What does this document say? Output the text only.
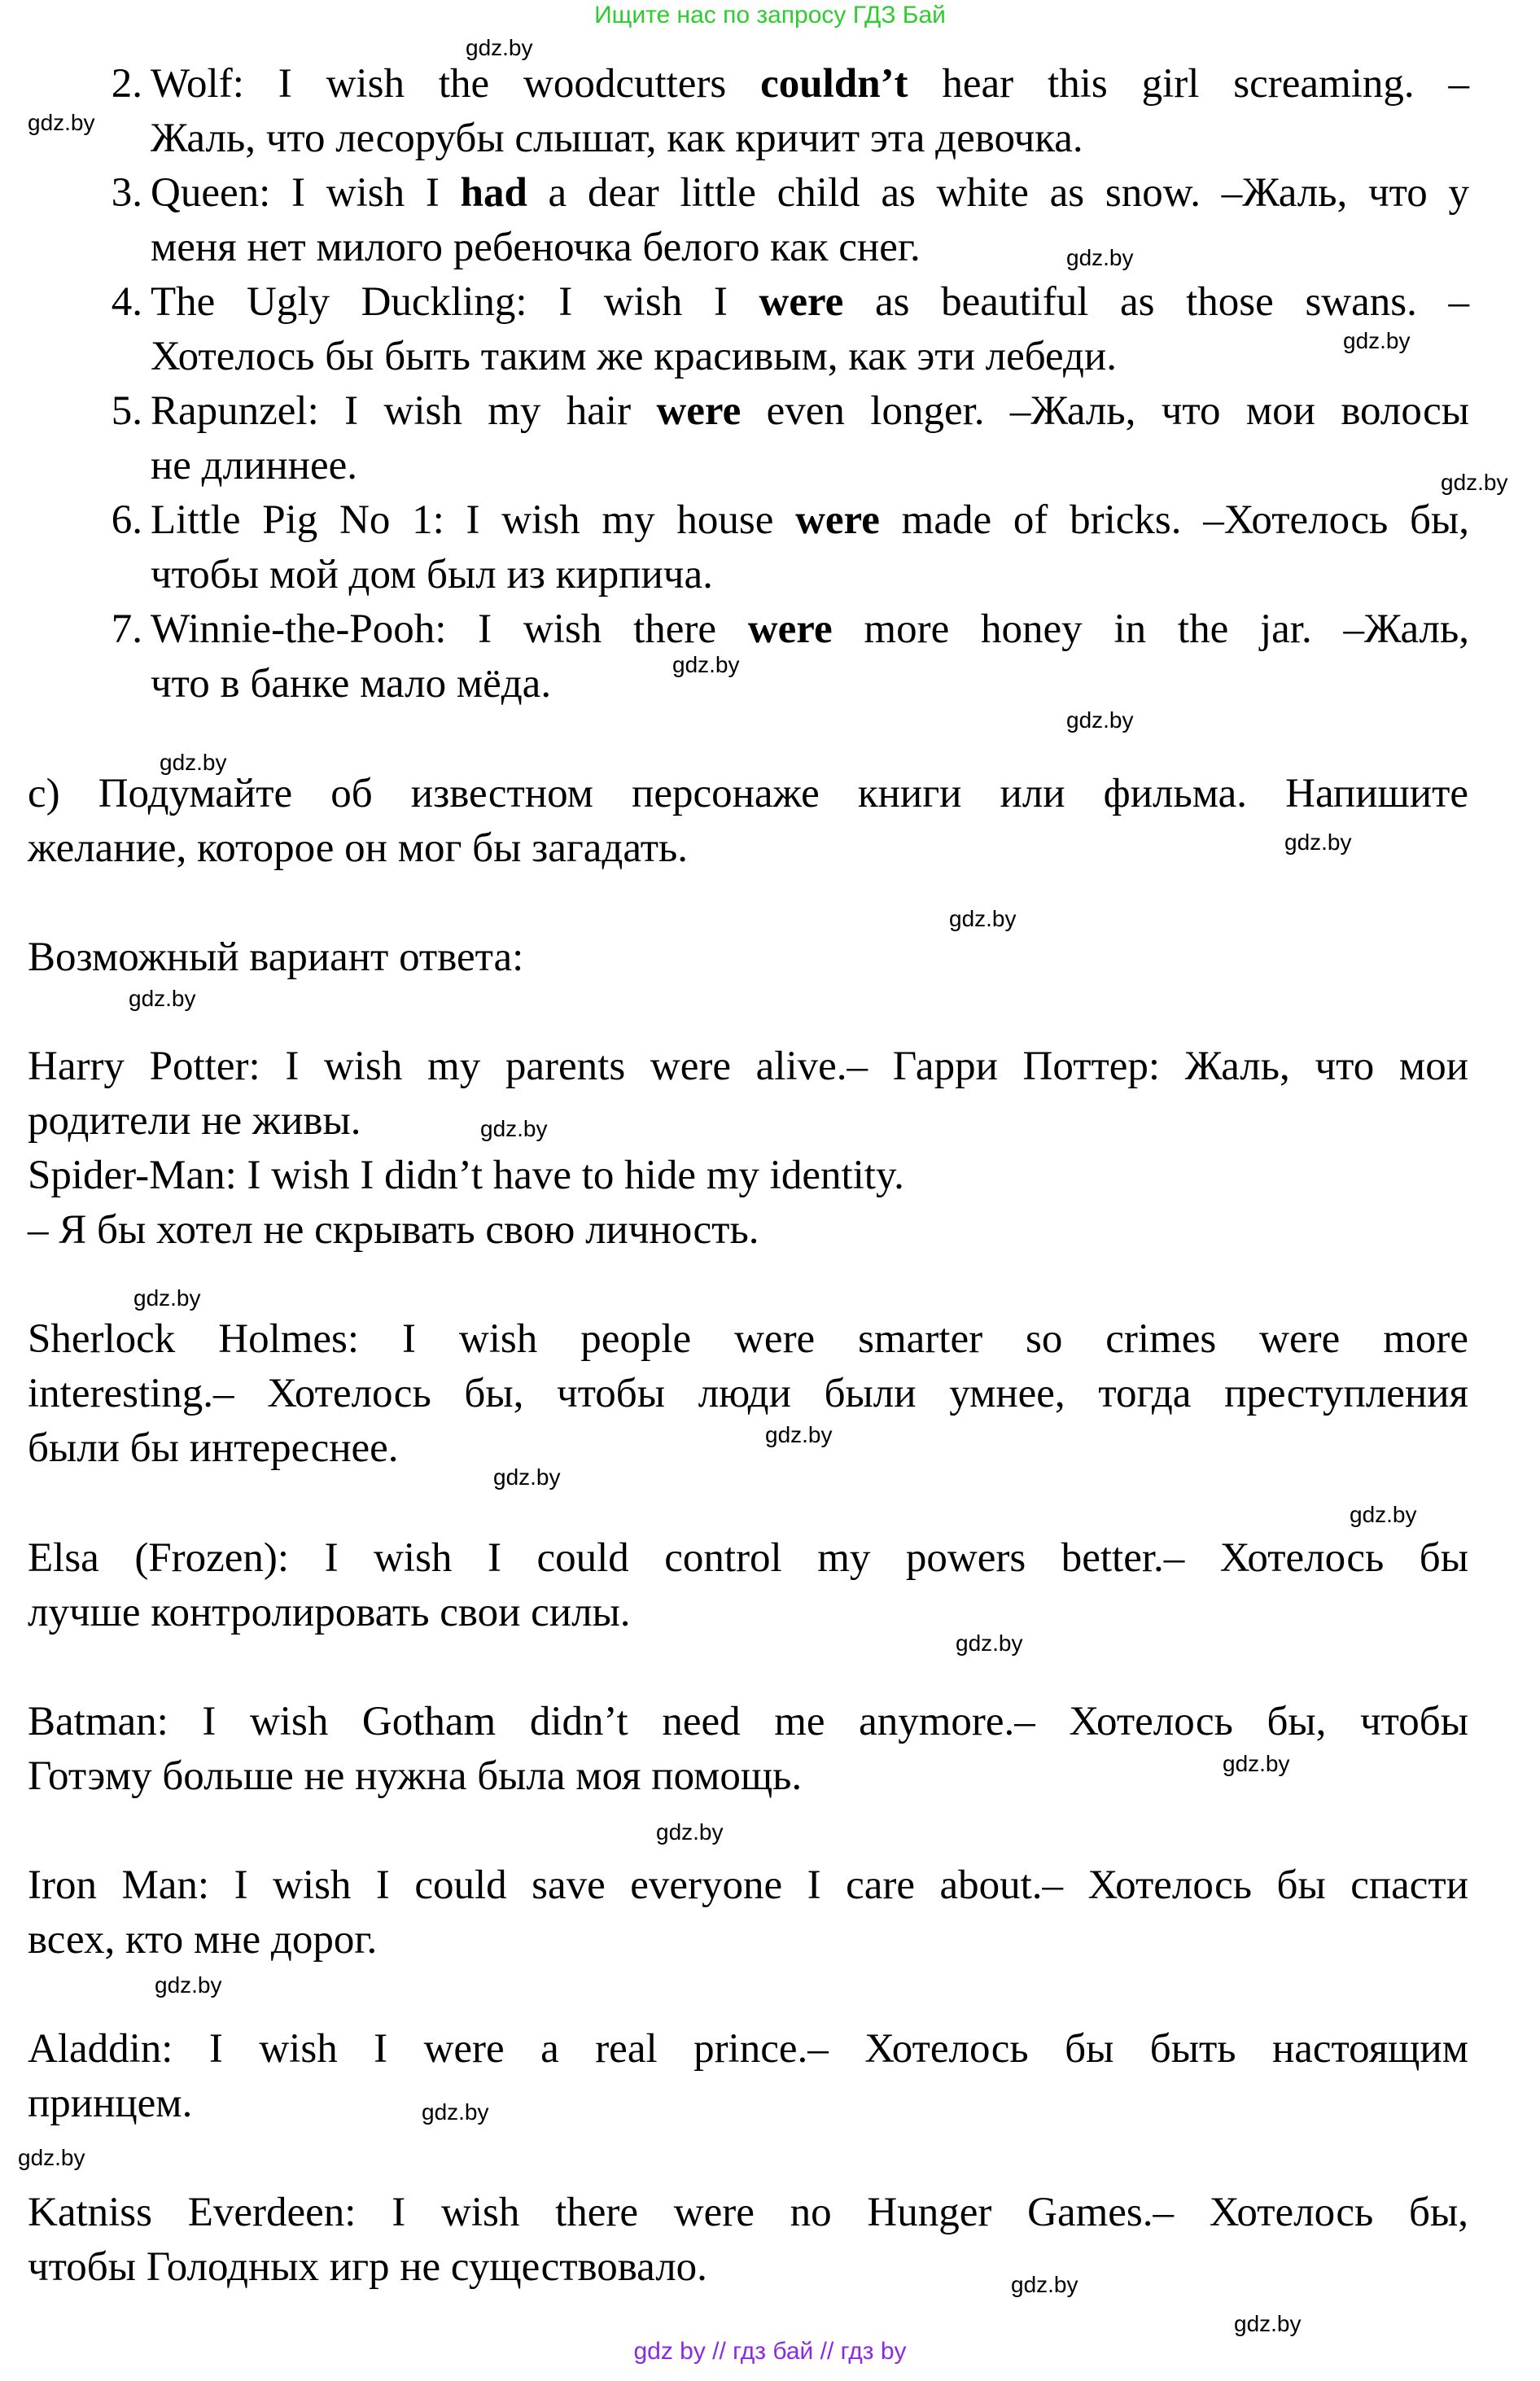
Ищите нас по запросу ГДЗ Бай
gdz.by
gdz.by
gdz.by
gdz.by
gdz.by
gdz.by
gdz.by
gdz.by
gdz.by
gdz.by
gdz.by
gdz.by
gdz.by
gdz.by
gdz.by
gdz.by
gdz.by
gdz.by
gdz.by
gdz.by
gdz.by
gdz.by
gdz.by
gdz.by
2. Wolf: I wish the woodcutters couldn’t hear this girl screaming. –
Жаль, что лесорубы слышат, как кричит эта девочка.
3. Queen: I wish I had a dear little child as white as snow. –Жаль, что у
меня нет милого ребеночка белого как снег.
4. The Ugly Duckling: I wish I were as beautiful as those swans. –
Хотелось бы быть таким же красивым, как эти лебеди.
5. Rapunzel: I wish my hair were even longer. –Жаль, что мои волосы
не длиннее.
6. Little Pig No 1: I wish my house were made of bricks. –Хотелось бы,
чтобы мой дом был из кирпича.
7. Winnie-the-Pooh: I wish there were more honey in the jar. –Жаль,
что в банке мало мёда.
c) Подумайте об известном персонаже книги или фильма. Напишите
желание, которое он мог бы загадать.
Возможный вариант ответа:
Harry Potter: I wish my parents were alive.– Гарри Поттер: Жаль, что мои
родители не живы.
Spider-Man: I wish I didn’t have to hide my identity.
– Я бы хотел не скрывать свою личность.
Sherlock Holmes: I wish people were smarter so crimes were more
interesting.– Хотелось бы, чтобы люди были умнее, тогда преступления
были бы интереснее.
Elsa (Frozen): I wish I could control my powers better.– Хотелось бы
лучше контролировать свои силы.
Batman: I wish Gotham didn’t need me anymore.– Хотелось бы, чтобы
Готэму больше не нужна была моя помощь.
Iron Man: I wish I could save everyone I care about.– Хотелось бы спасти
всех, кто мне дорог.
Aladdin: I wish I were a real prince.– Хотелось бы быть настоящим
принцем.
Katniss Everdeen: I wish there were no Hunger Games.– Хотелось бы,
чтобы Голодных игр не существовало.
gdz by // гдз бай // гдз by
